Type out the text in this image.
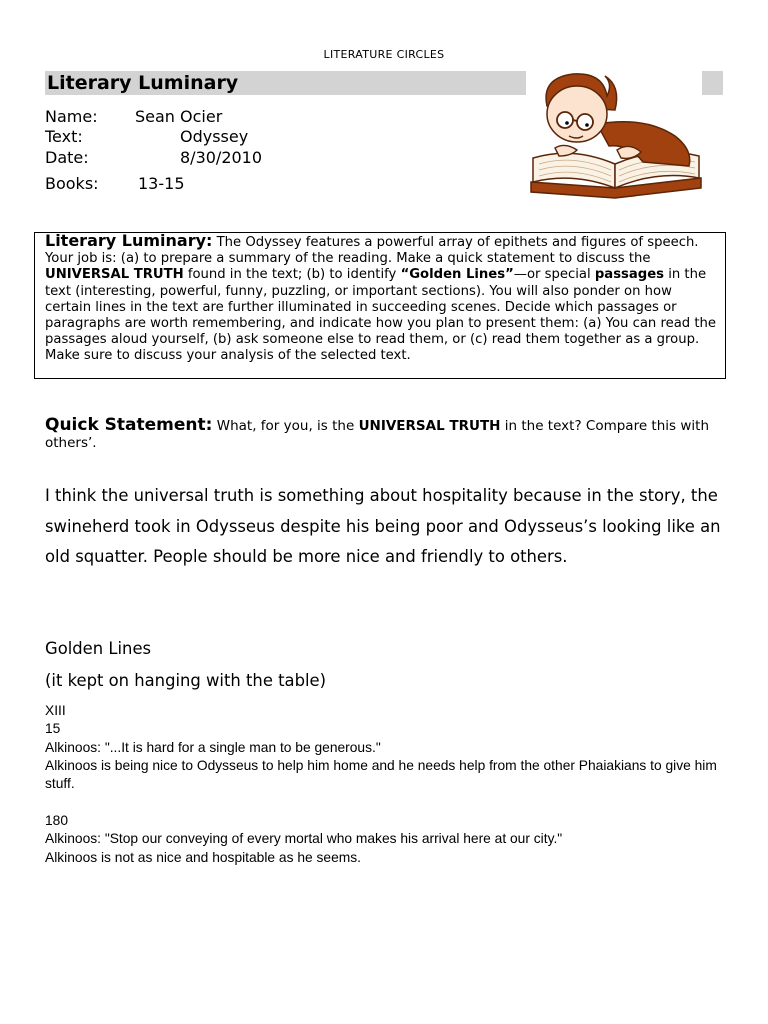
LITERATURE CIRCLES
Literary Luminary
Name: Sean Ocier
Text:	Odyssey
Date:	8/30/2010
Books: 13-15
Literary Luminary: The Odyssey features a powerful array of epithets and figures of speech. Your job is: (a) to prepare a summary of the reading. Make a quick statement to discuss the UNIVERSAL TRUTH found in the text; (b) to identify “Golden Lines”—or special passages in the text (interesting, powerful, funny, puzzling, or important sections). You will also ponder on how certain lines in the text are further illuminated in succeeding scenes. Decide which passages or paragraphs are worth remembering, and indicate how you plan to present them: (a) You can read the passages aloud yourself, (b) ask someone else to read them, or (c) read them together as a group. Make sure to discuss your analysis of the selected text.
Quick Statement: What, for you, is the UNIVERSAL TRUTH in the text? Compare this with others’.
I think the universal truth is something about hospitality because in the story, the swineherd took in Odysseus despite his being poor and Odysseus’s looking like an old squatter. People should be more nice and friendly to others.
Golden Lines
(it kept on hanging with the table)
XIII
15
Alkinoos: "...It is hard for a single man to be generous."
Alkinoos is being nice to Odysseus to help him home and he needs help from the other Phaiakians to give him stuff.
180
Alkinoos: "Stop our conveying of every mortal who makes his arrival here at our city."
Alkinoos is not as nice and hospitable as he seems.
